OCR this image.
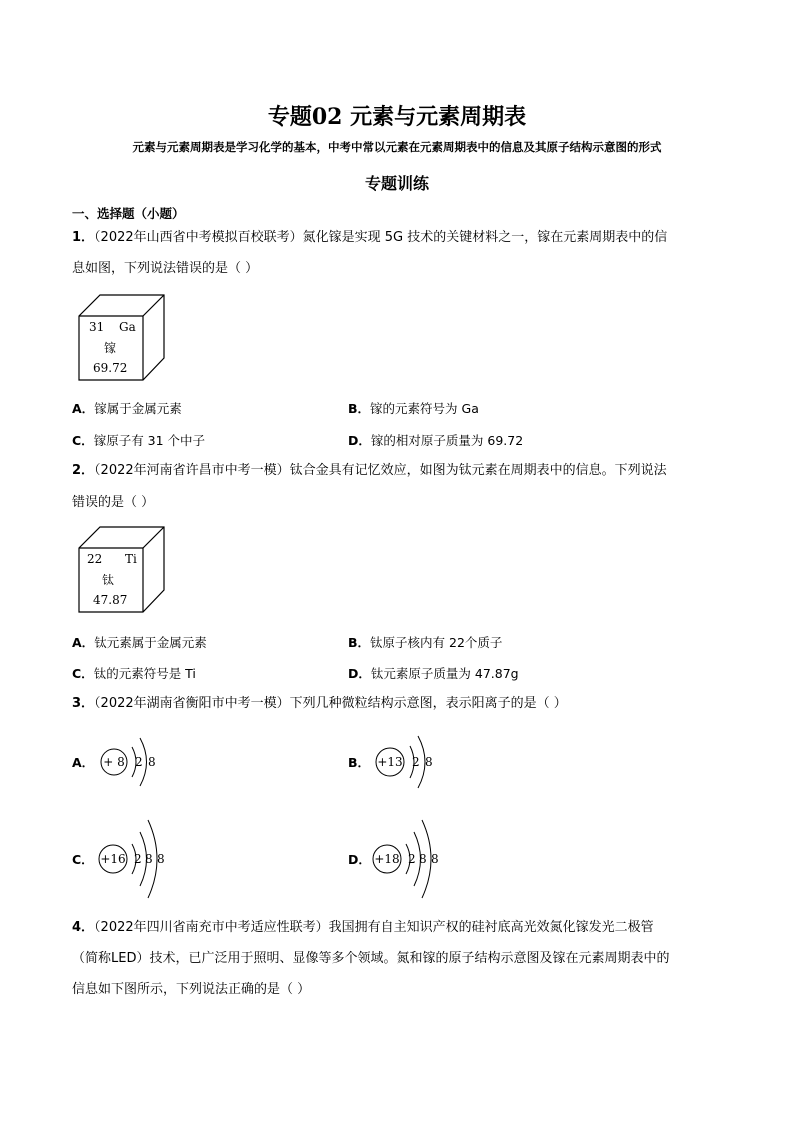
专题02 元素与元素周期表
元素与元素周期表是学习化学的基本，中考中常以元素在元素周期表中的信息及其原子结构示意图的形式
专题训练
一、选择题（小题）
1．（2022年山西省中考模拟百校联考）氮化镓是实现 5G 技术的关键材料之一，镓在元素周期表中的信
息如图，下列说法错误的是（ ）
31 Ga
镓
69.72
A．镓属于金属元素	B．镓的元素符号为 Ga
C．镓原子有 31 个中子	D．镓的相对原子质量为 69.72
2．（2022年河南省许昌市中考一模）钛合金具有记忆效应，如图为钛元素在周期表中的信息。下列说法
错误的是（ ）
22 Ti
钛
47.87
A．钛元素属于金属元素	B．钛原子核内有 22个质子
C．钛的元素符号是 Ti	D．钛元素原子质量为 47.87g
3．（2022年湖南省衡阳市中考一模）下列几种微粒结构示意图，表示阳离子的是（ ）
A． + 8 2 8	B． +13 2 8
C． +16 2 8 8	D． +18 2 8 8
4．（2022年四川省南充市中考适应性联考）我国拥有自主知识产权的硅衬底高光效氮化镓发光二极管
（简称LED）技术，已广泛用于照明、显像等多个领域。氮和镓的原子结构示意图及镓在元素周期表中的
信息如下图所示，下列说法正确的是（ ）
